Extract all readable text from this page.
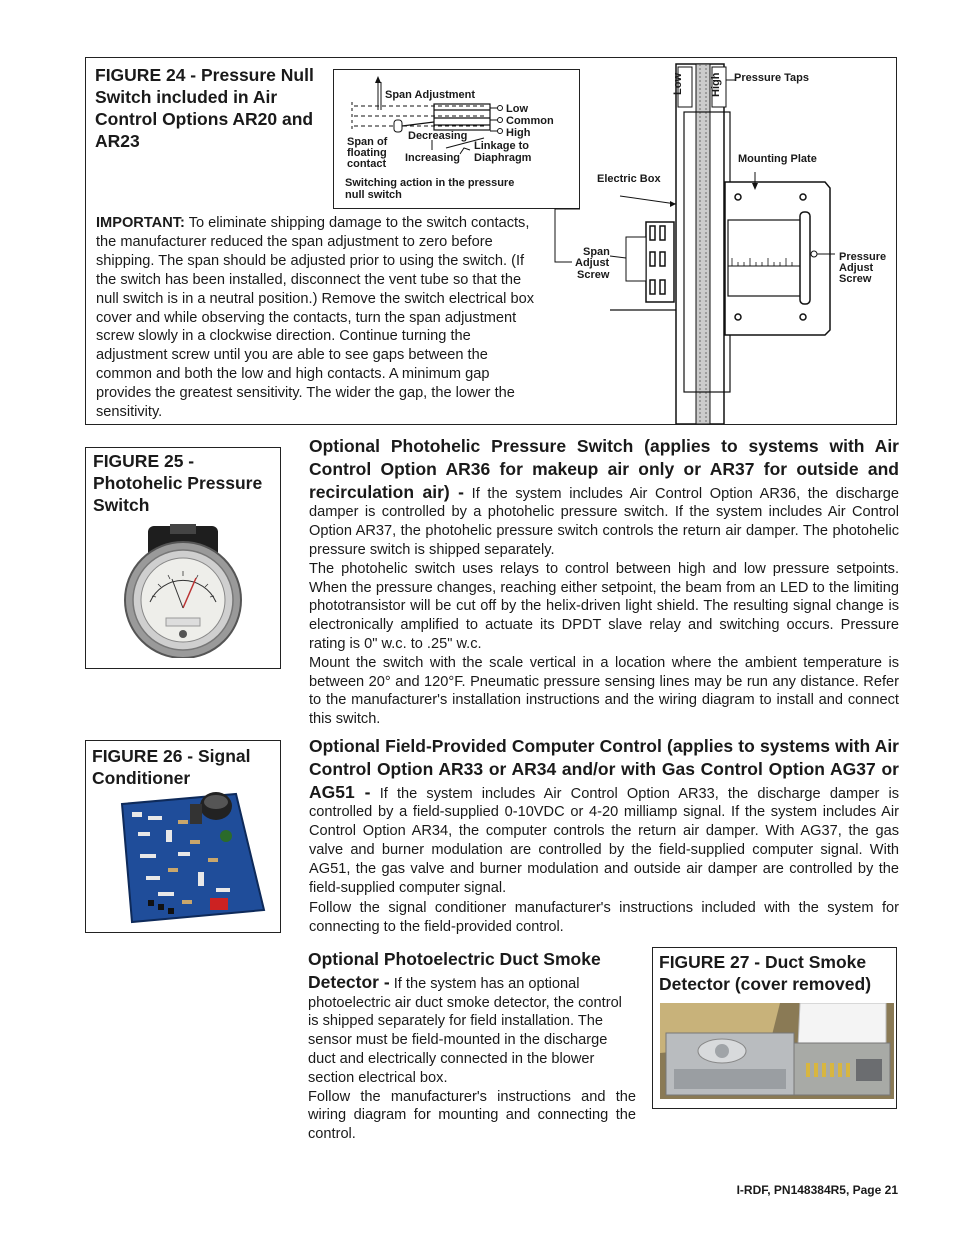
FIGURE 24 - Pressure Null Switch included in Air Control Options AR20 and AR23
Span Adjustment
Low
Common
High
Decreasing
Linkage to
Span of
floating Increasing Diaphragm
contact
Switching action in the pressure
null switch
IMPORTANT: To eliminate shipping damage to the switch contacts, the manufacturer reduced the span adjustment to zero before shipping. The span should be adjusted prior to using the switch. (If the switch has been installed, disconnect the vent tube so that the null switch is in a neutral position.) Remove the switch electrical box cover and while observing the contacts, turn the span adjustment screw slowly in a clockwise direction. Continue turning the adjustment screw until you are able to see gaps between the common and both the low and high contacts. A minimum gap provides the greatest sensitivity. The wider the gap, the lower the sensitivity.
Low High Pressure Taps
Mounting Plate
Electric Box
Span
Adjust
Screw
Pressure
Adjust
Screw
FIGURE 25 - Photohelic Pressure Switch
Optional Photohelic Pressure Switch (applies to systems with Air Control Option AR36 for makeup air only or AR37 for outside and recirculation air) - If the system includes Air Control Option AR36, the discharge damper is controlled by a photohelic pressure switch. If the system includes Air Control Option AR37, the photohelic pressure switch controls the return air damper. The photohelic pressure switch is shipped separately.

The photohelic switch uses relays to control between high and low pressure setpoints. When the pressure changes, reaching either setpoint, the beam from an LED to the limiting phototransistor will be cut off by the helix-driven light shield. The resulting signal change is electronically amplified to actuate its DPDT slave relay and switching occurs. Pressure rating is 0" w.c. to .25" w.c.

Mount the switch with the scale vertical in a location where the ambient temperature is between 20° and 120°F. Pneumatic pressure sensing lines may be run any distance. Refer to the manufacturer's installation instructions and the wiring diagram to install and connect this switch.

FIGURE 26 - Signal Conditioner
Optional Field-Provided Computer Control (applies to systems with Air Control Option AR33 or AR34 and/or with Gas Control Option AG37 or AG51 - If the system includes Air Control Option AR33, the discharge damper is controlled by a field-supplied 0-10VDC or 4-20 milliamp signal. If the system includes Air Control Option AR34, the computer controls the return air damper. With AG37, the gas valve and burner modulation are controlled by the field-supplied computer signal. With AG51, the gas valve and burner modulation and outside air damper are controlled by the field-supplied computer signal.

Follow the signal conditioner manufacturer's instructions included with the system for connecting to the field-provided control.

Optional Photoelectric Duct Smoke Detector - If the system has an optional photoelectric air duct smoke detector, the control is shipped separately for field installation. The sensor must be field-mounted in the discharge duct and electrically connected in the blower section electrical box.

Follow the manufacturer's instructions and the wiring diagram for mounting and connecting the control.

FIGURE 27 - Duct Smoke Detector (cover removed)
I-RDF, PN148384R5, Page 21
